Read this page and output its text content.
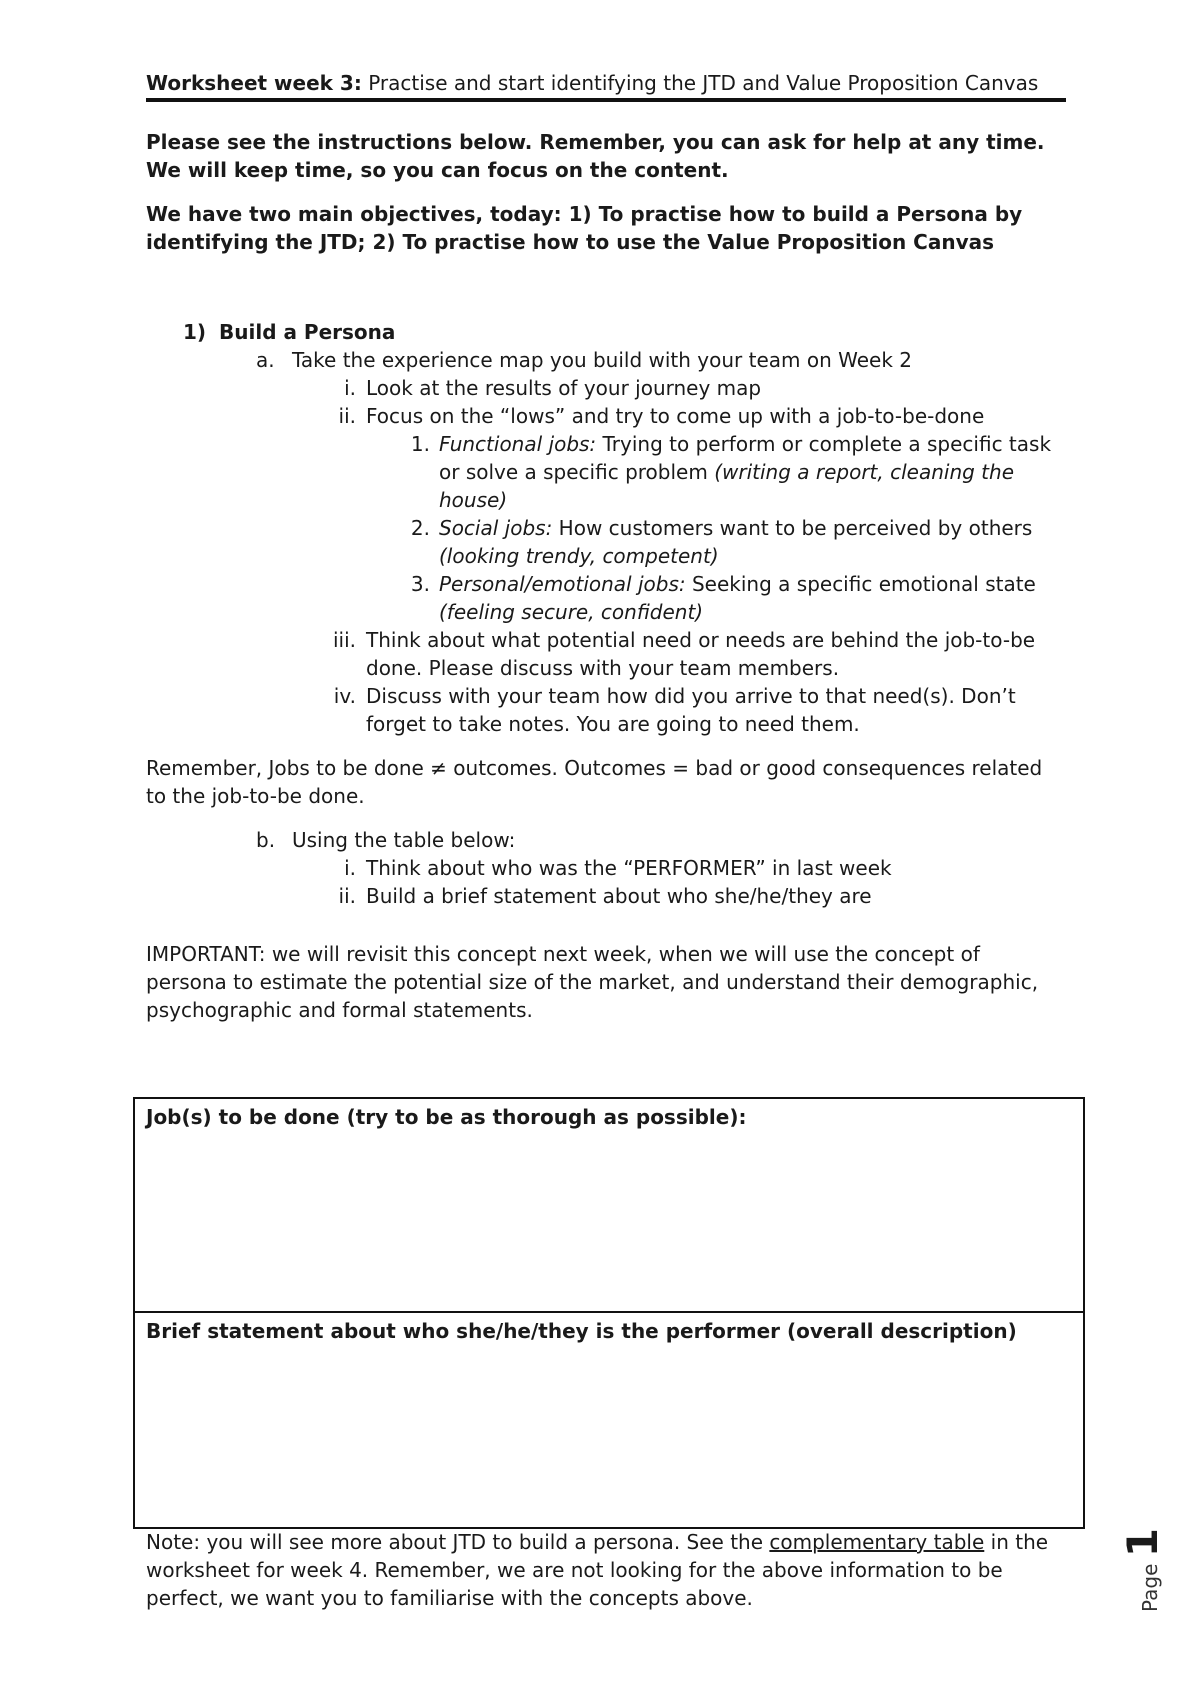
Worksheet week 3: Practise and start identifying the JTD and Value Proposition Canvas

Please see the instructions below. Remember, you can ask for help at any time. We will keep time, so you can focus on the content.

We have two main objectives, today: 1) To practise how to build a Persona by identifying the JTD; 2) To practise how to use the Value Proposition Canvas

1) Build a Persona
a. Take the experience map you build with your team on Week 2
i. Look at the results of your journey map
ii. Focus on the “lows” and try to come up with a job-to-be-done
1. Functional jobs: Trying to perform or complete a specific task or solve a specific problem (writing a report, cleaning the house)
2. Social jobs: How customers want to be perceived by others (looking trendy, competent)
3. Personal/emotional jobs: Seeking a specific emotional state (feeling secure, confident)
iii. Think about what potential need or needs are behind the job-to-be done. Please discuss with your team members.
iv. Discuss with your team how did you arrive to that need(s). Don’t forget to take notes. You are going to need them.

Remember, Jobs to be done ≠ outcomes. Outcomes = bad or good consequences related to the job-to-be done.

b. Using the table below:
i. Think about who was the “PERFORMER” in last week
ii. Build a brief statement about who she/he/they are

IMPORTANT: we will revisit this concept next week, when we will use the concept of persona to estimate the potential size of the market, and understand their demographic, psychographic and formal statements.

Job(s) to be done (try to be as thorough as possible):
Brief statement about who she/he/they is the performer (overall description)

Note: you will see more about JTD to build a persona. See the complementary table in the worksheet for week 4. Remember, we are not looking for the above information to be perfect, we want you to familiarise with the concepts above.	Page 1
